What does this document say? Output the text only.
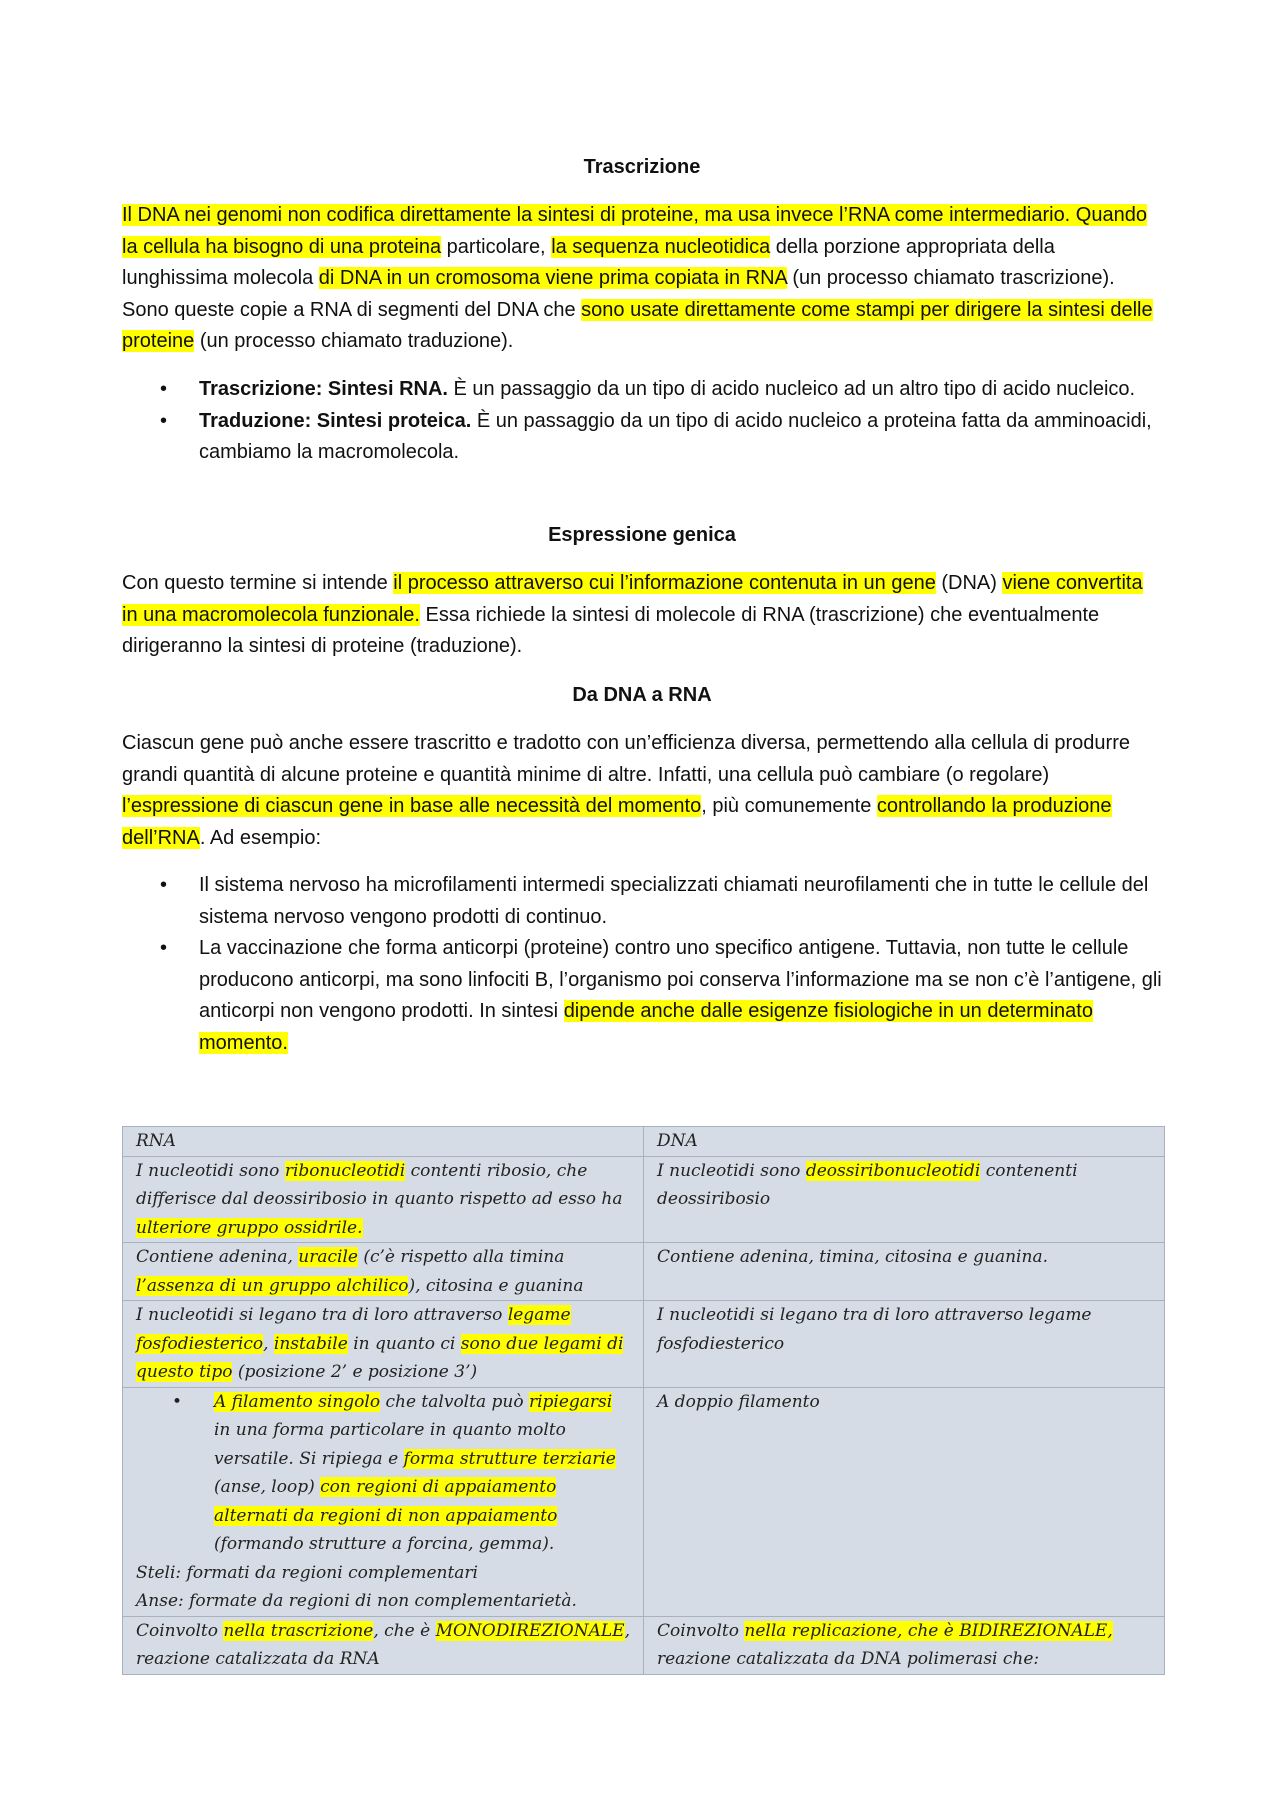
Trascrizione

Il DNA nei genomi non codifica direttamente la sintesi di proteine, ma usa invece l’RNA come intermediario. Quando la cellula ha bisogno di una proteina particolare, la sequenza nucleotidica della porzione appropriata della lunghissima molecola di DNA in un cromosoma viene prima copiata in RNA (un processo chiamato trascrizione). Sono queste copie a RNA di segmenti del DNA che sono usate direttamente come stampi per dirigere la sintesi delle proteine (un processo chiamato traduzione).

• Trascrizione: Sintesi RNA. È un passaggio da un tipo di acido nucleico ad un altro tipo di acido nucleico.
• Traduzione: Sintesi proteica. È un passaggio da un tipo di acido nucleico a proteina fatta da amminoacidi, cambiamo la macromolecola.
Espressione genica

Con questo termine si intende il processo attraverso cui l’informazione contenuta in un gene (DNA) viene convertita in una macromolecola funzionale. Essa richiede la sintesi di molecole di RNA (trascrizione) che eventualmente dirigeranno la sintesi di proteine (traduzione).

Da DNA a RNA

Ciascun gene può anche essere trascritto e tradotto con un’efficienza diversa, permettendo alla cellula di produrre grandi quantità di alcune proteine e quantità minime di altre. Infatti, una cellula può cambiare (o regolare) l’espressione di ciascun gene in base alle necessità del momento, più comunemente controllando la produzione dell’RNA. Ad esempio:

• Il sistema nervoso ha microfilamenti intermedi specializzati chiamati neurofilamenti che in tutte le cellule del sistema nervoso vengono prodotti di continuo.
• La vaccinazione che forma anticorpi (proteine) contro uno specifico antigene. Tuttavia, non tutte le cellule producono anticorpi, ma sono linfociti B, l’organismo poi conserva l’informazione ma se non c’è l’antigene, gli anticorpi non vengono prodotti. In sintesi dipende anche dalle esigenze fisiologiche in un determinato momento.
RNA	DNA
I nucleotidi sono ribonucleotidi contenti ribosio, che differisce dal deossiribosio in quanto rispetto ad esso ha ulteriore gruppo ossidrile.	I nucleotidi sono deossiribonucleotidi contenenti deossiribosio
Contiene adenina, uracile (c’è rispetto alla timina l’assenza di un gruppo alchilico), citosina e guanina	Contiene adenina, timina, citosina e guanina.
I nucleotidi si legano tra di loro attraverso legame fosfodiesterico, instabile in quanto ci sono due legami di questo tipo (posizione 2’ e posizione 3’)	I nucleotidi si legano tra di loro attraverso legame fosfodiesterico

• A filamento singolo che talvolta può ripiegarsi in una forma particolare in quanto molto versatile. Si ripiega e forma strutture terziarie (anse, loop) con regioni di appaiamento alternati da regioni di non appaiamento (formando strutture a forcina, gemma).
Steli: formati da regioni complementari
Anse: formate da regioni di non complementarietà.	A doppio filamento
Coinvolto nella trascrizione, che è MONODIREZIONALE, reazione catalizzata da RNA	Coinvolto nella replicazione, che è BIDIREZIONALE, reazione catalizzata da DNA polimerasi che:
